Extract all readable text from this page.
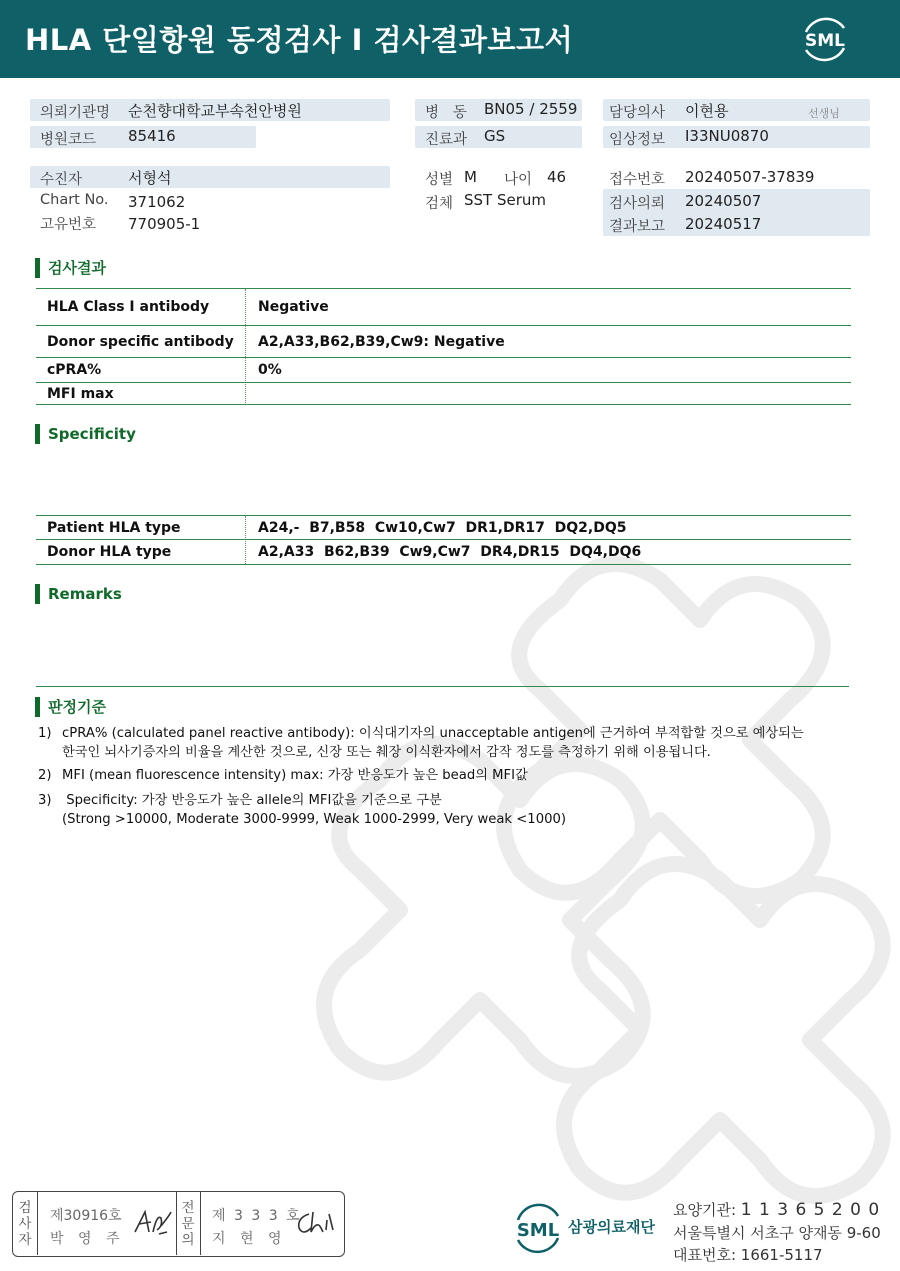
HLA 단일항원 동정검사 I 검사결과보고서	SML
의뢰기관명 순천향대학교부속천안병원
병원코드 85416
병   동 BN05 / 2559
진료과 GS
담당의사 이현용	선생님
임상정보 I33NU0870
수진자	서형석
Chart No. 371062
고유번호 770905-1
성별 M 나이 46
검체 SST Serum
접수번호 20240507-37839
검사의뢰 20240507
결과보고 20240517
검사결과
HLA Class I antibody	Negative
Donor specific antibody A2,A33,B62,B39,Cw9: Negative
cPRA%	0%
MFI max
Specificity
Patient HLA type	A24,-  B7,B58  Cw10,Cw7  DR1,DR17  DQ2,DQ5
Donor HLA type	A2,A33  B62,B39  Cw9,Cw7  DR4,DR15  DQ4,DQ6
Remarks
판정기준
1) cPRA% (calculated panel reactive antibody): 이식대기자의 unacceptable antigen에 근거하여 부적합할 것으로 예상되는
한국인 뇌사기증자의 비율을 계산한 것으로, 신장 또는 췌장 이식환자에서 감작 정도를 측정하기 위해 이용됩니다.
2) MFI (mean fluorescence intensity) max: 가장 반응도가 높은 bead의 MFI값
3) Specificity: 가장 반응도가 높은 allele의 MFI값을 기준으로 구분
(Strong >10000, Moderate 3000-9999, Weak 1000-2999, Very weak <1000)
검
사
자
제30916호
박 영 주
전
문
의
제 3 3 3 호
지 현 영	SML 삼광의료재단
요양기관: 1 1 3 6 5 2 0 0
서울특별시 서초구 양재동 9-60
대표번호: 1661-5117
